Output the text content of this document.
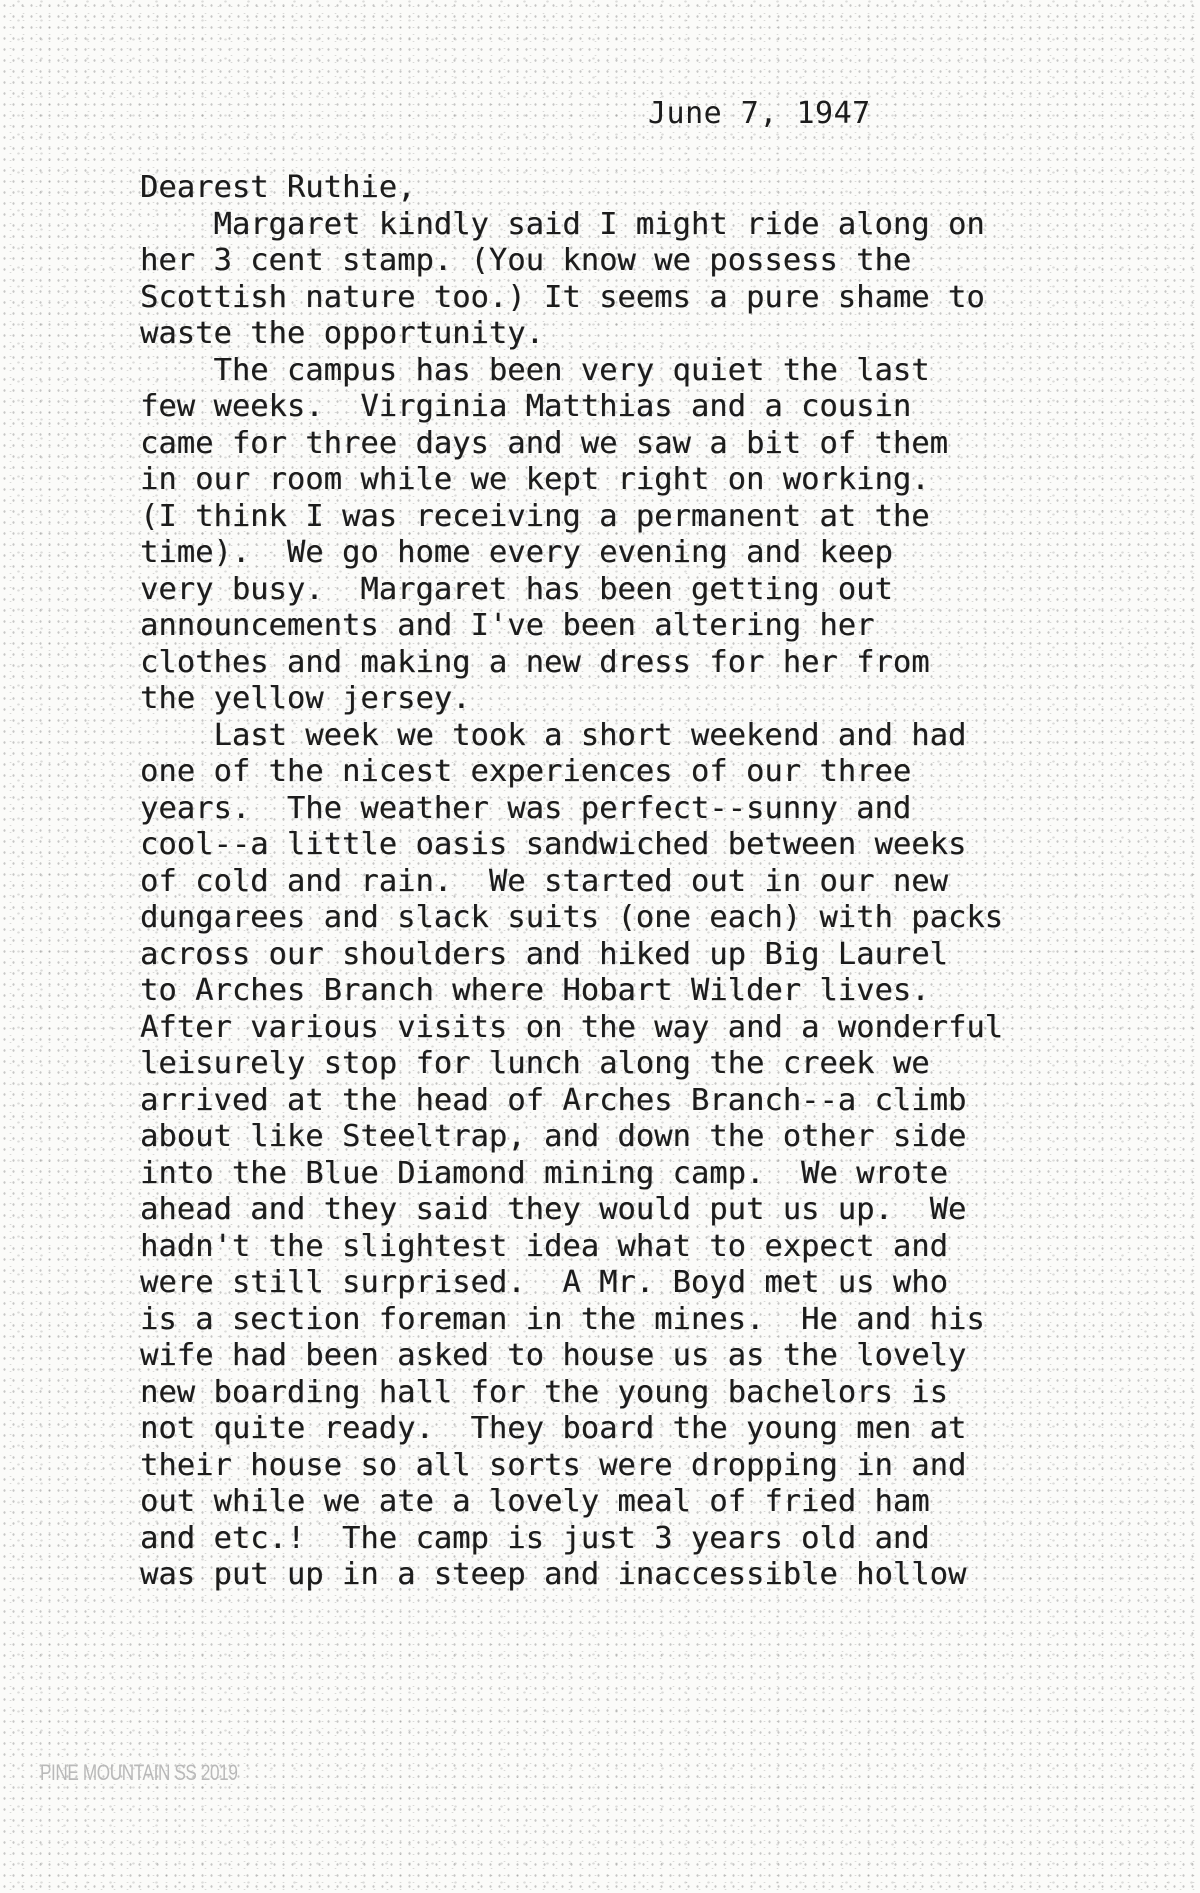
June 7, 1947
Dearest Ruthie,
Margaret kindly said I might ride along on
her 3 cent stamp. (You know we possess the
Scottish nature too.) It seems a pure shame to
waste the opportunity.
The campus has been very quiet the last
few weeks.  Virginia Matthias and a cousin
came for three days and we saw a bit of them
in our room while we kept right on working.
(I think I was receiving a permanent at the
time).  We go home every evening and keep
very busy.  Margaret has been getting out
announcements and I've been altering her
clothes and making a new dress for her from
the yellow jersey.
Last week we took a short weekend and had
one of the nicest experiences of our three
years.  The weather was perfect--sunny and
cool--a little oasis sandwiched between weeks
of cold and rain.  We started out in our new
dungarees and slack suits (one each) with packs
across our shoulders and hiked up Big Laurel
to Arches Branch where Hobart Wilder lives.
After various visits on the way and a wonderful
leisurely stop for lunch along the creek we
arrived at the head of Arches Branch--a climb
about like Steeltrap, and down the other side
into the Blue Diamond mining camp.  We wrote
ahead and they said they would put us up.  We
hadn't the slightest idea what to expect and
were still surprised.  A Mr. Boyd met us who
is a section foreman in the mines.  He and his
wife had been asked to house us as the lovely
new boarding hall for the young bachelors is
not quite ready.  They board the young men at
their house so all sorts were dropping in and
out while we ate a lovely meal of fried ham
and etc.!  The camp is just 3 years old and
was put up in a steep and inaccessible hollow
PINE MOUNTAIN SS 2019
